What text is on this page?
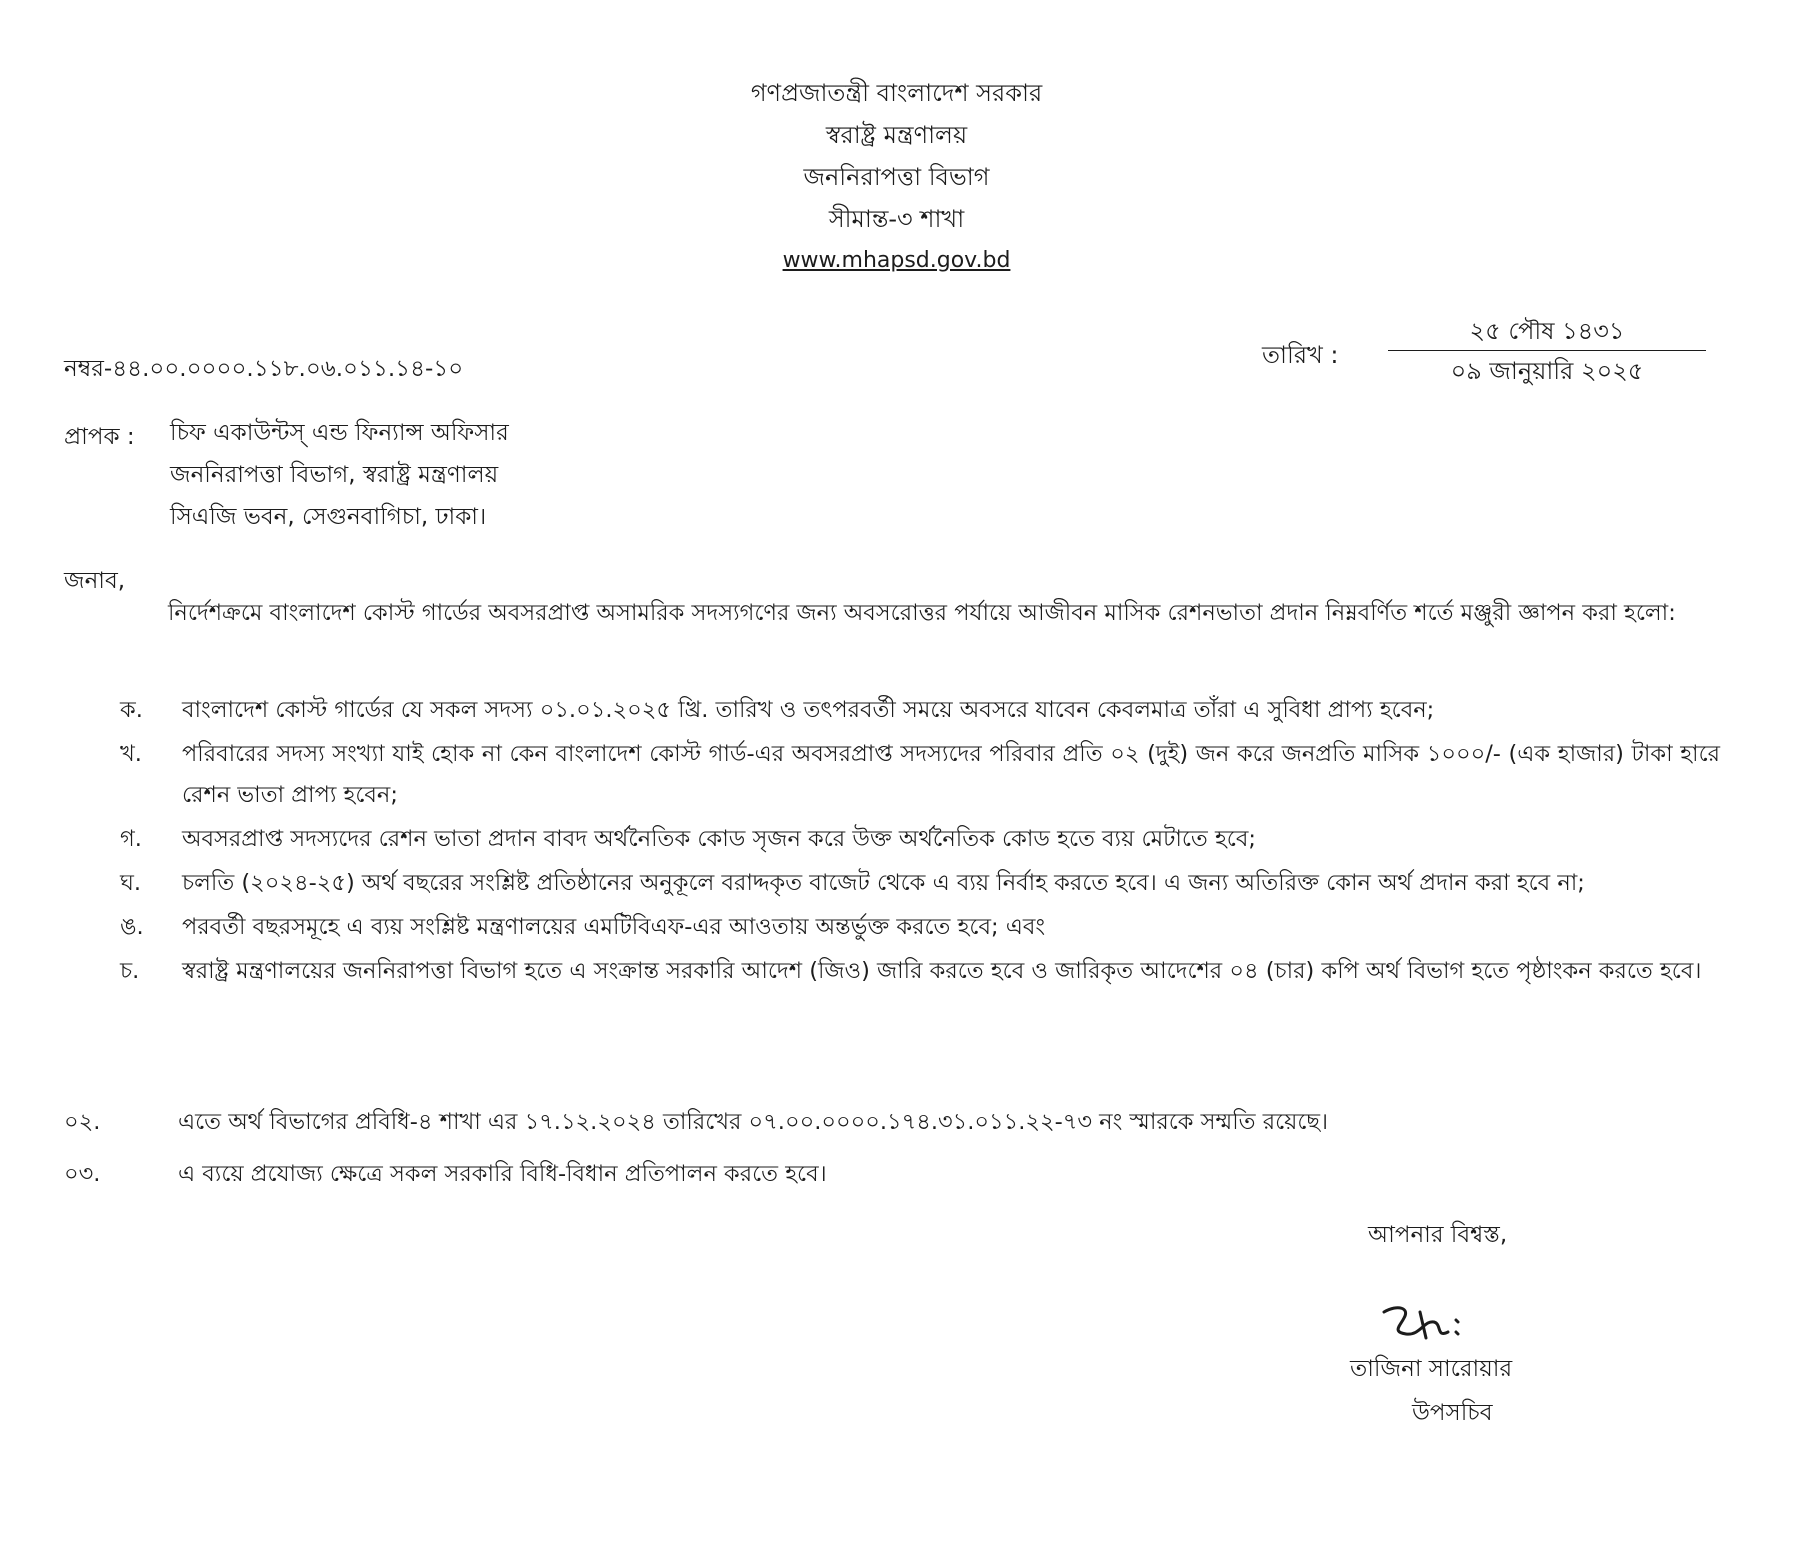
গণপ্রজাতন্ত্রী বাংলাদেশ সরকার
স্বরাষ্ট্র মন্ত্রণালয়
জননিরাপত্তা বিভাগ
সীমান্ত-৩ শাখা
www.mhapsd.gov.bd
নম্বর-৪৪.০০.০০০০.১১৮.০৬.০১১.১৪-১০	তারিখ :
২৫ পৌষ ১৪৩১
০৯ জানুয়ারি ২০২৫
প্রাপক : চিফ একাউন্টস্ এন্ড ফিন্যান্স অফিসার
জননিরাপত্তা বিভাগ, স্বরাষ্ট্র মন্ত্রণালয়
সিএজি ভবন, সেগুনবাগিচা, ঢাকা।
জনাব,
নির্দেশক্রমে বাংলাদেশ কোস্ট গার্ডের অবসরপ্রাপ্ত অসামরিক সদস্যগণের জন্য অবসরোত্তর পর্যায়ে আজীবন মাসিক রেশনভাতা প্রদান নিম্নবর্ণিত শর্তে মঞ্জুরী জ্ঞাপন করা হলো:
ক. বাংলাদেশ কোস্ট গার্ডের যে সকল সদস্য ০১.০১.২০২৫ খ্রি. তারিখ ও তৎপরবর্তী সময়ে অবসরে যাবেন কেবলমাত্র তাঁরা এ সুবিধা প্রাপ্য হবেন;
খ. পরিবারের সদস্য সংখ্যা যাই হোক না কেন বাংলাদেশ কোস্ট গার্ড-এর অবসরপ্রাপ্ত সদস্যদের পরিবার প্রতি ০২ (দুই) জন করে জনপ্রতি মাসিক ১০০০/- (এক হাজার) টাকা হারে রেশন ভাতা প্রাপ্য হবেন;
গ. অবসরপ্রাপ্ত সদস্যদের রেশন ভাতা প্রদান বাবদ অর্থনৈতিক কোড সৃজন করে উক্ত অর্থনৈতিক কোড হতে ব্যয় মেটাতে হবে;
ঘ. চলতি (২০২৪-২৫) অর্থ বছরের সংশ্লিষ্ট প্রতিষ্ঠানের অনুকূলে বরাদ্দকৃত বাজেট থেকে এ ব্যয় নির্বাহ করতে হবে। এ জন্য অতিরিক্ত কোন অর্থ প্রদান করা হবে না;
ঙ. পরবর্তী বছরসমূহে এ ব্যয় সংশ্লিষ্ট মন্ত্রণালয়ের এমটিবিএফ-এর আওতায় অন্তর্ভুক্ত করতে হবে; এবং
চ. স্বরাষ্ট্র মন্ত্রণালয়ের জননিরাপত্তা বিভাগ হতে এ সংক্রান্ত সরকারি আদেশ (জিও) জারি করতে হবে ও জারিকৃত আদেশের ০৪ (চার) কপি অর্থ বিভাগ হতে পৃষ্ঠাংকন করতে হবে।
০২.	এতে অর্থ বিভাগের প্রবিধি-৪ শাখা এর ১৭.১২.২০২৪ তারিখের ০৭.০০.০০০০.১৭৪.৩১.০১১.২২-৭৩ নং স্মারকে সম্মতি রয়েছে।
০৩.	এ ব্যয়ে প্রযোজ্য ক্ষেত্রে সকল সরকারি বিধি-বিধান প্রতিপালন করতে হবে।
আপনার বিশ্বস্ত,
তাজিনা সারোয়ার
উপসচিব
